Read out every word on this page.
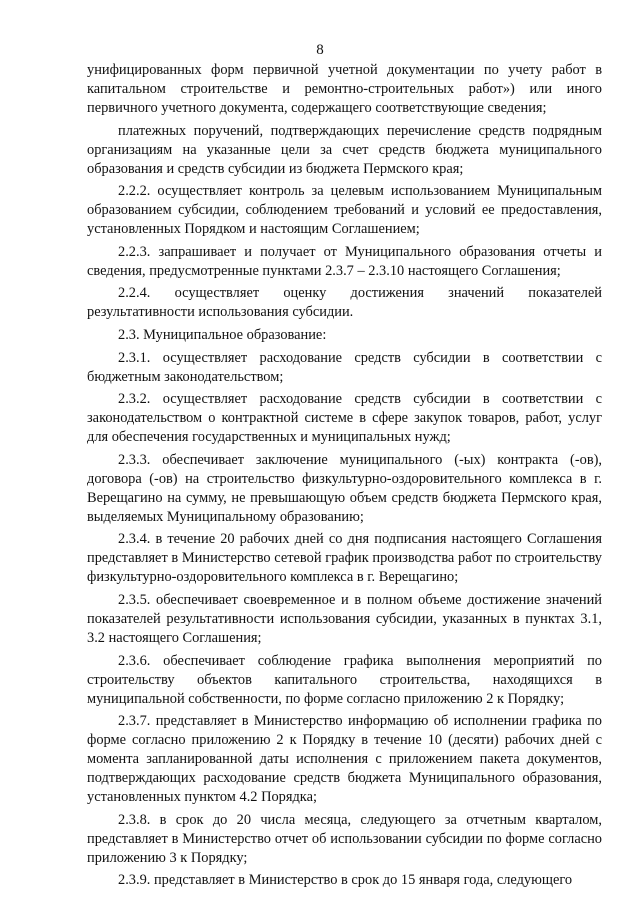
8

унифицированных форм первичной учетной документации по учету работ в капитальном строительстве и ремонтно-строительных работ») или иного первичного учетного документа, содержащего соответствующие сведения;

платежных поручений, подтверждающих перечисление средств подрядным организациям на указанные цели за счет средств бюджета муниципального образования и средств субсидии из бюджета Пермского края;

2.2.2. осуществляет контроль за целевым использованием Муниципальным образованием субсидии, соблюдением требований и условий ее предоставления, установленных Порядком и настоящим Соглашением;

2.2.3. запрашивает и получает от Муниципального образования отчеты и сведения, предусмотренные пунктами 2.3.7 – 2.3.10 настоящего Соглашения;

2.2.4. осуществляет оценку достижения значений показателей результативности использования субсидии.

2.3. Муниципальное образование:

2.3.1. осуществляет расходование средств субсидии в соответствии с бюджетным законодательством;

2.3.2. осуществляет расходование средств субсидии в соответствии с законодательством о контрактной системе в сфере закупок товаров, работ, услуг для обеспечения государственных и муниципальных нужд;

2.3.3. обеспечивает заключение муниципального (-ых) контракта (-ов), договора (-ов) на строительство физкультурно-оздоровительного комплекса в г. Верещагино на сумму, не превышающую объем средств бюджета Пермского края, выделяемых Муниципальному образованию;

2.3.4. в течение 20 рабочих дней со дня подписания настоящего Соглашения представляет в Министерство сетевой график производства работ по строительству физкультурно-оздоровительного комплекса в г. Верещагино;

2.3.5. обеспечивает своевременное и в полном объеме достижение значений показателей результативности использования субсидии, указанных в пунктах 3.1, 3.2 настоящего Соглашения;

2.3.6. обеспечивает соблюдение графика выполнения мероприятий по строительству объектов капитального строительства, находящихся в муниципальной собственности, по форме согласно приложению 2 к Порядку;

2.3.7. представляет в Министерство информацию об исполнении графика по форме согласно приложению 2 к Порядку в течение 10 (десяти) рабочих дней с момента запланированной даты исполнения с приложением пакета документов, подтверждающих расходование средств бюджета Муниципального образования, установленных пунктом 4.2 Порядка;

2.3.8. в срок до 20 числа месяца, следующего за отчетным кварталом, представляет в Министерство отчет об использовании субсидии по форме согласно приложению 3 к Порядку;

2.3.9. представляет в Министерство в срок до 15 января года, следующего
